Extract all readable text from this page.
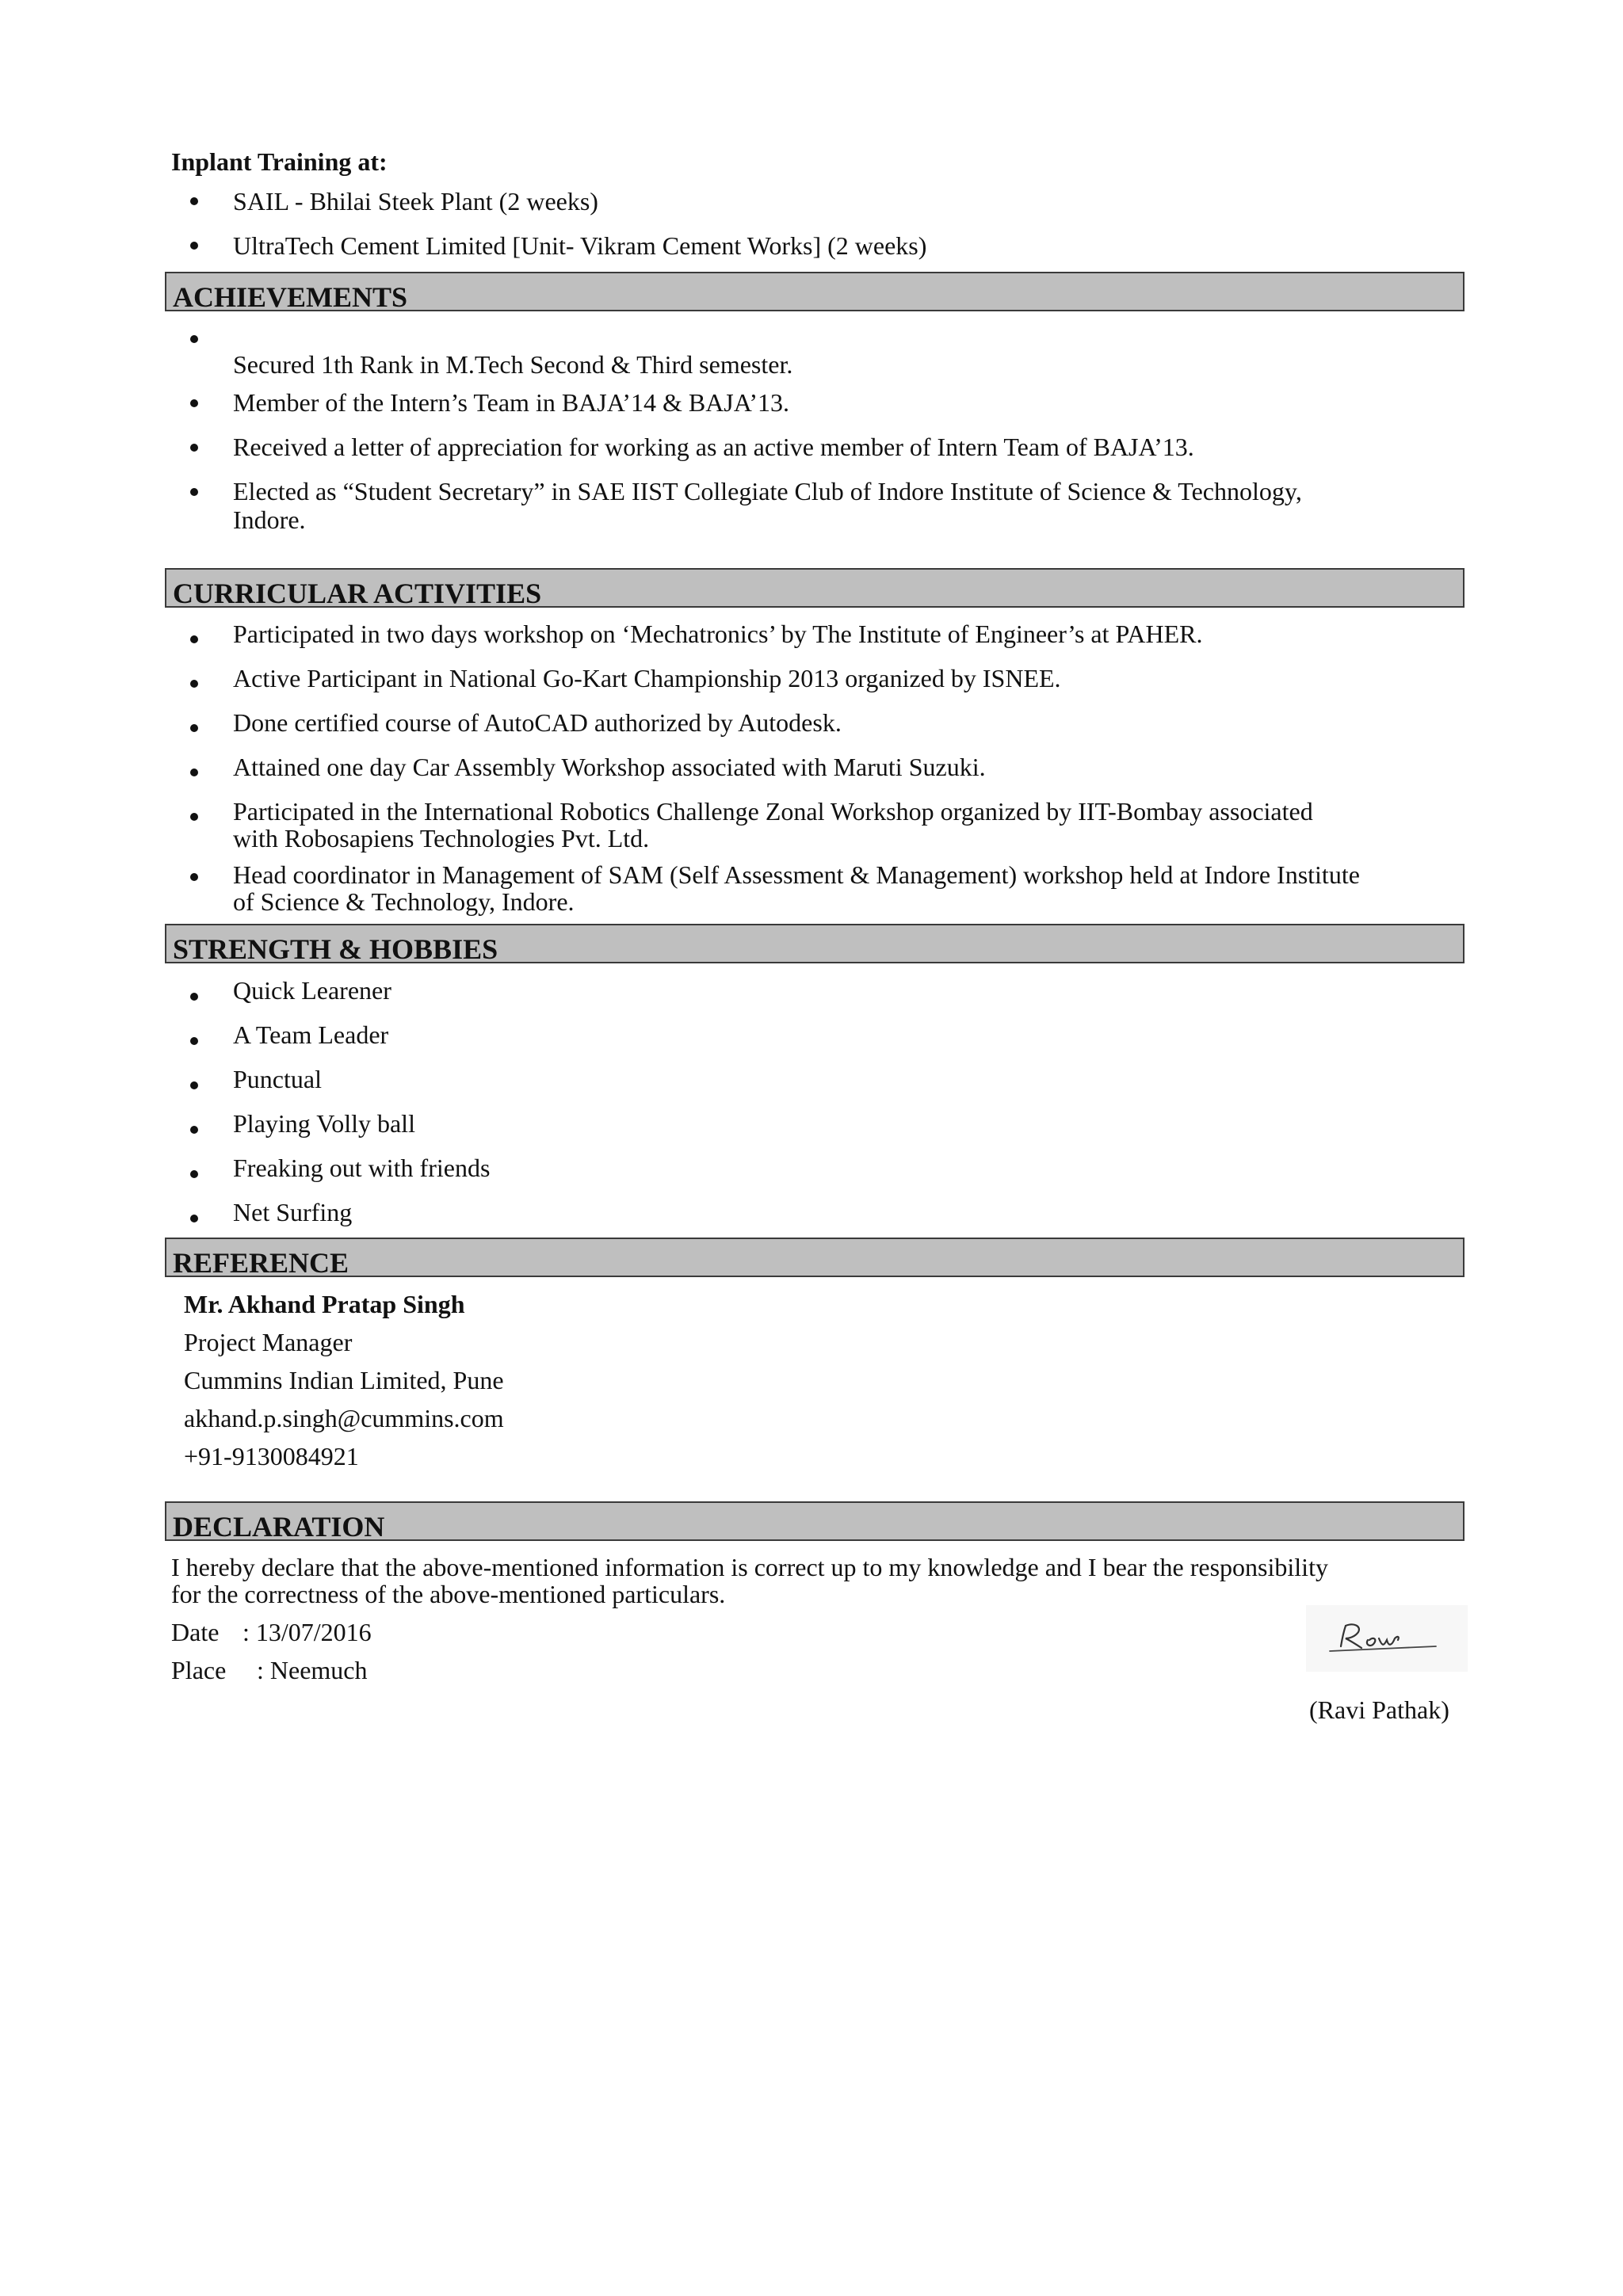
Inplant Training at:
SAIL - Bhilai Steek Plant (2 weeks)
UltraTech Cement Limited [Unit- Vikram Cement Works] (2 weeks)
ACHIEVEMENTS
Secured 1th Rank in M.Tech Second & Third semester.
Member of the Intern’s Team in BAJA’14 & BAJA’13.
Received a letter of appreciation for working as an active member of Intern Team of BAJA’13.
Elected as “Student Secretary” in SAE IIST Collegiate Club of Indore Institute of Science & Technology,
Indore.
CURRICULAR ACTIVITIES
Participated in two days workshop on ‘Mechatronics’ by The Institute of Engineer’s at PAHER.
Active Participant in National Go-Kart Championship 2013 organized by ISNEE.
Done certified course of AutoCAD authorized by Autodesk.
Attained one day Car Assembly Workshop associated with Maruti Suzuki.
Participated in the International Robotics Challenge Zonal Workshop organized by IIT-Bombay associated
with Robosapiens Technologies Pvt. Ltd.
Head coordinator in Management of SAM (Self Assessment & Management) workshop held at Indore Institute
of Science & Technology, Indore.
STRENGTH & HOBBIES
Quick Learener
A Team Leader
Punctual
Playing Volly ball
Freaking out with friends
Net Surfing
REFERENCE
Mr. Akhand Pratap Singh
Project Manager
Cummins Indian Limited, Pune
akhand.p.singh@cummins.com
+91-9130084921
DECLARATION
I hereby declare that the above-mentioned information is correct up to my knowledge and I bear the responsibility
for the correctness of the above-mentioned particulars.
Date : 13/07/2016
Place : Neemuch
(Ravi Pathak)
